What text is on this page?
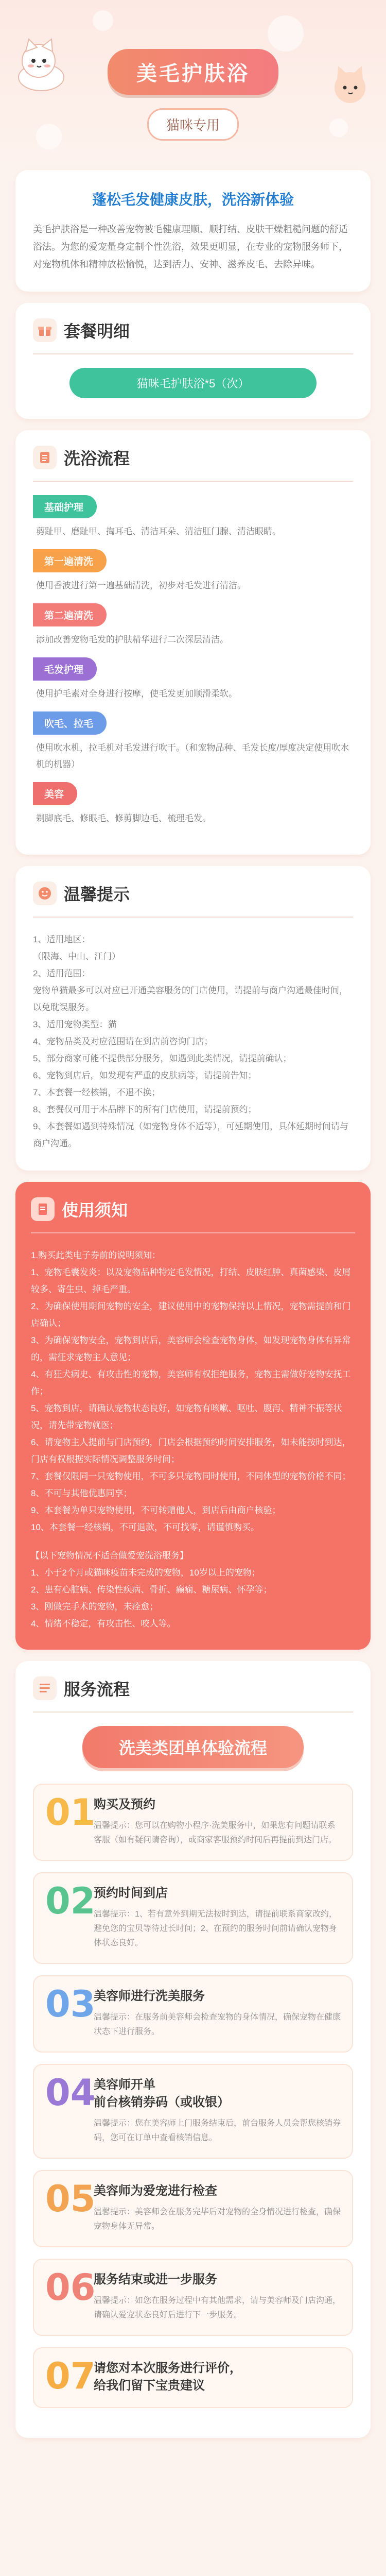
美毛护肤浴
猫咪专用
蓬松毛发健康皮肤，洗浴新体验
美毛护肤浴是一种改善宠物被毛健康理顺、顺打结、皮肤干燥粗糙问题的舒适浴法。为您的爱宠量身定制个性洗浴，效果更明显，在专业的宠物服务师下，对宠物机体和精神放松愉悦，达到活力、安神、滋养皮毛、去除异味。
套餐明细
猫咪毛护肤浴*5（次）
洗浴流程
基础护理
剪趾甲、磨趾甲、掏耳毛、清洁耳朵、清洁肛门腺、清洁眼睛。
第一遍清洗
使用香波进行第一遍基础清洗，初步对毛发进行清洁。
第二遍清洗
添加改善宠物毛发的护肤精华进行二次深层清洁。
毛发护理
使用护毛素对全身进行按摩，使毛发更加顺滑柔软。
吹毛、拉毛
使用吹水机，拉毛机对毛发进行吹干。（和宠物品种、毛发长度/厚度决定使用吹水机的机器）
美容
剃脚底毛、修眼毛、修剪脚边毛、梳理毛发。
温馨提示
1、适用地区：
（限海、中山、江门）
2、适用范围：
宠物单猫最多可以对应已开通美容服务的门店使用，请提前与商户沟通最佳时间，以免耽误服务。
3、适用宠物类型：猫
4、宠物品类及对应范围请在到店前咨询门店；
5、部分商家可能不提供部分服务，如遇到此类情况，请提前确认；
6、宠物到店后，如发现有严重的皮肤病等，请提前告知；
7、本套餐一经核销，不退不换；
8、套餐仅可用于本品牌下的所有门店使用，请提前预约；
9、本套餐如遇到特殊情况（如宠物身体不适等），可延期使用，具体延期时间请与商户沟通。
使用须知
1.购买此类电子券前的说明须知：
1、宠物毛囊发炎：以及宠物品种特定毛发情况，打结、皮肤红肿、真菌感染、皮屑较多、寄生虫、掉毛严重。
2、为确保使用期间宠物的安全，建议使用中的宠物保持以上情况，宠物需提前和门店确认；
3、为确保宠物安全，宠物到店后，美容师会检查宠物身体，如发现宠物身体有异常的，需征求宠物主人意见；
4、有狂犬病史、有攻击性的宠物，美容师有权拒绝服务，宠物主需做好宠物安抚工作；
5、宠物到店，请确认宠物状态良好，如宠物有咳嗽、呕吐、腹泻、精神不振等状况，请先带宠物就医；
6、请宠物主人提前与门店预约，门店会根据预约时间安排服务，如未能按时到达，门店有权根据实际情况调整服务时间；
7、套餐仅限同一只宠物使用，不可多只宠物同时使用，不同体型的宠物价格不同；
8、不可与其他优惠同享；
9、本套餐为单只宠物使用，不可转赠他人，到店后由商户核验；
10、本套餐一经核销，不可退款，不可找零，请谨慎购买。
【以下宠物情况不适合做爱宠洗浴服务】
1、小于2个月或猫咪疫苗未完成的宠物，10岁以上的宠物；
2、患有心脏病、传染性疾病、骨折、癫痫、糖尿病、怀孕等；
3、刚做完手术的宠物，未痊愈；
4、情绪不稳定，有攻击性、咬人等。
服务流程
洗美类团单体验流程
01
购买及预约
温馨提示：您可以在购物小程序·洗美服务中，如果您有问题请联系客服（如有疑问请咨询），或商家客服预约时间后再提前到达门店。
02
预约时间到店
温馨提示：1、若有意外到期无法按时到达，请提前联系商家改约，避免您的宝贝等待过长时间；2、在预约的服务时间前请确认宠物身体状态良好。
03
美容师进行洗美服务
温馨提示：在服务前美容师会检查宠物的身体情况，确保宠物在健康状态下进行服务。
04
美容师开单
前台核销券码（或收银）
温馨提示：您在美容师上门服务结束后，前台服务人员会帮您核销券码，您可在订单中查看核销信息。
05
美容师为爱宠进行检查
温馨提示：美容师会在服务完毕后对宠物的全身情况进行检查，确保宠物身体无异常。
06
服务结束或进一步服务
温馨提示：如您在服务过程中有其他需求，请与美容师及门店沟通，请确认爱宠状态良好后进行下一步服务。
07
请您对本次服务进行评价，
给我们留下宝贵建议
